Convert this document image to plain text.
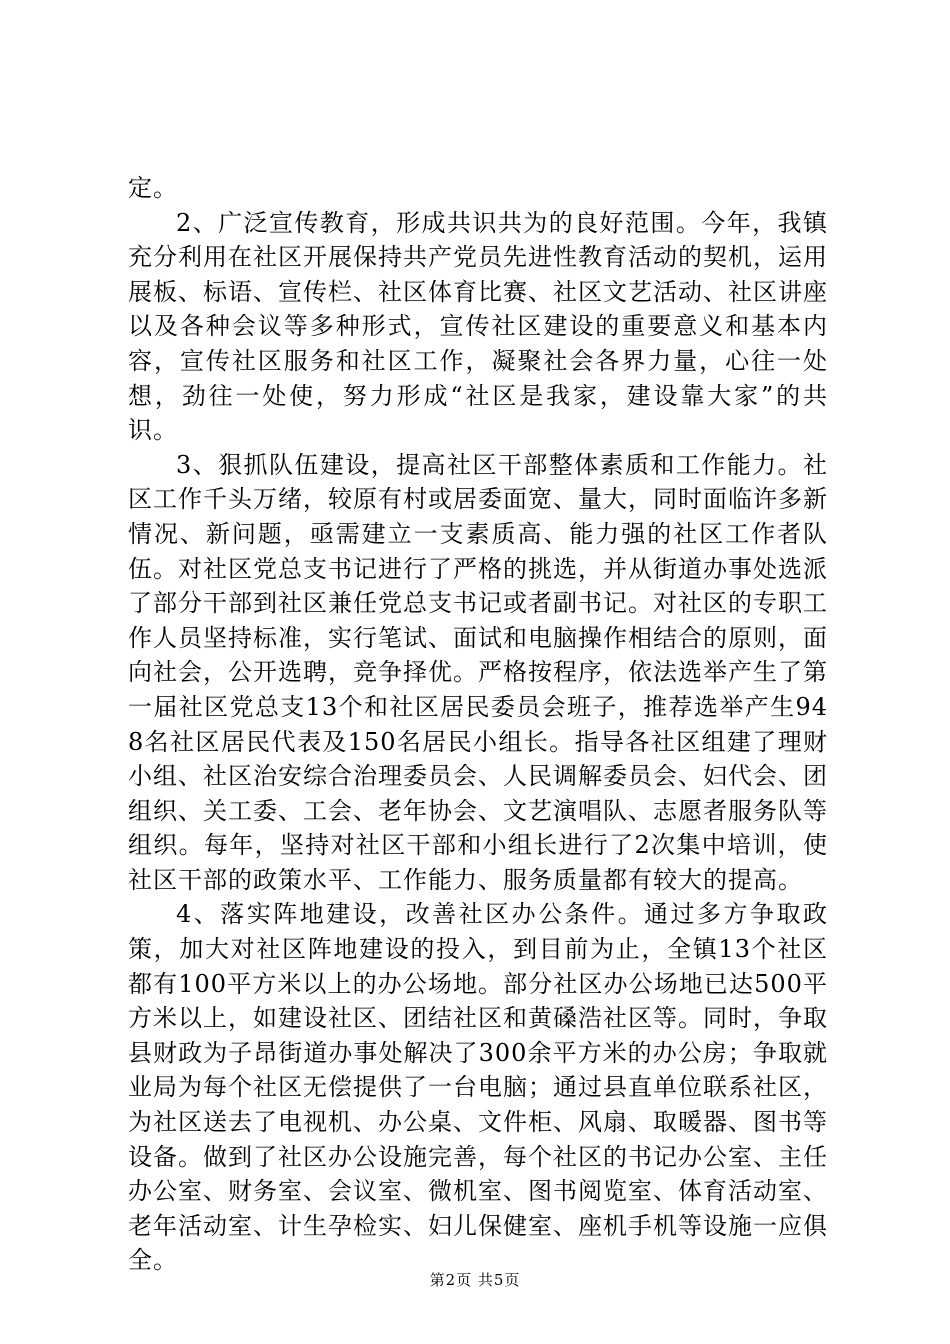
定。

2、广泛宣传教育，形成共识共为的良好范围。今年，我镇充分利用在社区开展保持共产党员先进性教育活动的契机，运用展板、标语、宣传栏、社区体育比赛、社区文艺活动、社区讲座以及各种会议等多种形式，宣传社区建设的重要意义和基本内容，宣传社区服务和社区工作，凝聚社会各界力量，心往一处想，劲往一处使，努力形成“社区是我家，建设靠大家”的共识。

3、狠抓队伍建设，提高社区干部整体素质和工作能力。社区工作千头万绪，较原有村或居委面宽、量大，同时面临许多新情况、新问题，亟需建立一支素质高、能力强的社区工作者队伍。对社区党总支书记进行了严格的挑选，并从街道办事处选派了部分干部到社区兼任党总支书记或者副书记。对社区的专职工作人员坚持标准，实行笔试、面试和电脑操作相结合的原则，面向社会，公开选聘，竞争择优。严格按程序，依法选举产生了第一届社区党总支13个和社区居民委员会班子，推荐选举产生948名社区居民代表及150名居民小组长。指导各社区组建了理财小组、社区治安综合治理委员会、人民调解委员会、妇代会、团组织、关工委、工会、老年协会、文艺演唱队、志愿者服务队等组织。每年，坚持对社区干部和小组长进行了2次集中培训，使社区干部的政策水平、工作能力、服务质量都有较大的提高。

4、落实阵地建设，改善社区办公条件。通过多方争取政策，加大对社区阵地建设的投入，到目前为止，全镇13个社区都有100平方米以上的办公场地。部分社区办公场地已达500平方米以上，如建设社区、团结社区和黄磉浩社区等。同时，争取县财政为子昂街道办事处解决了300余平方米的办公房；争取就业局为每个社区无偿提供了一台电脑；通过县直单位联系社区，为社区送去了电视机、办公桌、文件柜、风扇、取暖器、图书等设备。做到了社区办公设施完善，每个社区的书记办公室、主任办公室、财务室、会议室、微机室、图书阅览室、体育活动室、老年活动室、计生孕检实、妇儿保健室、座机手机等设施一应俱全。

第2页 共5页
